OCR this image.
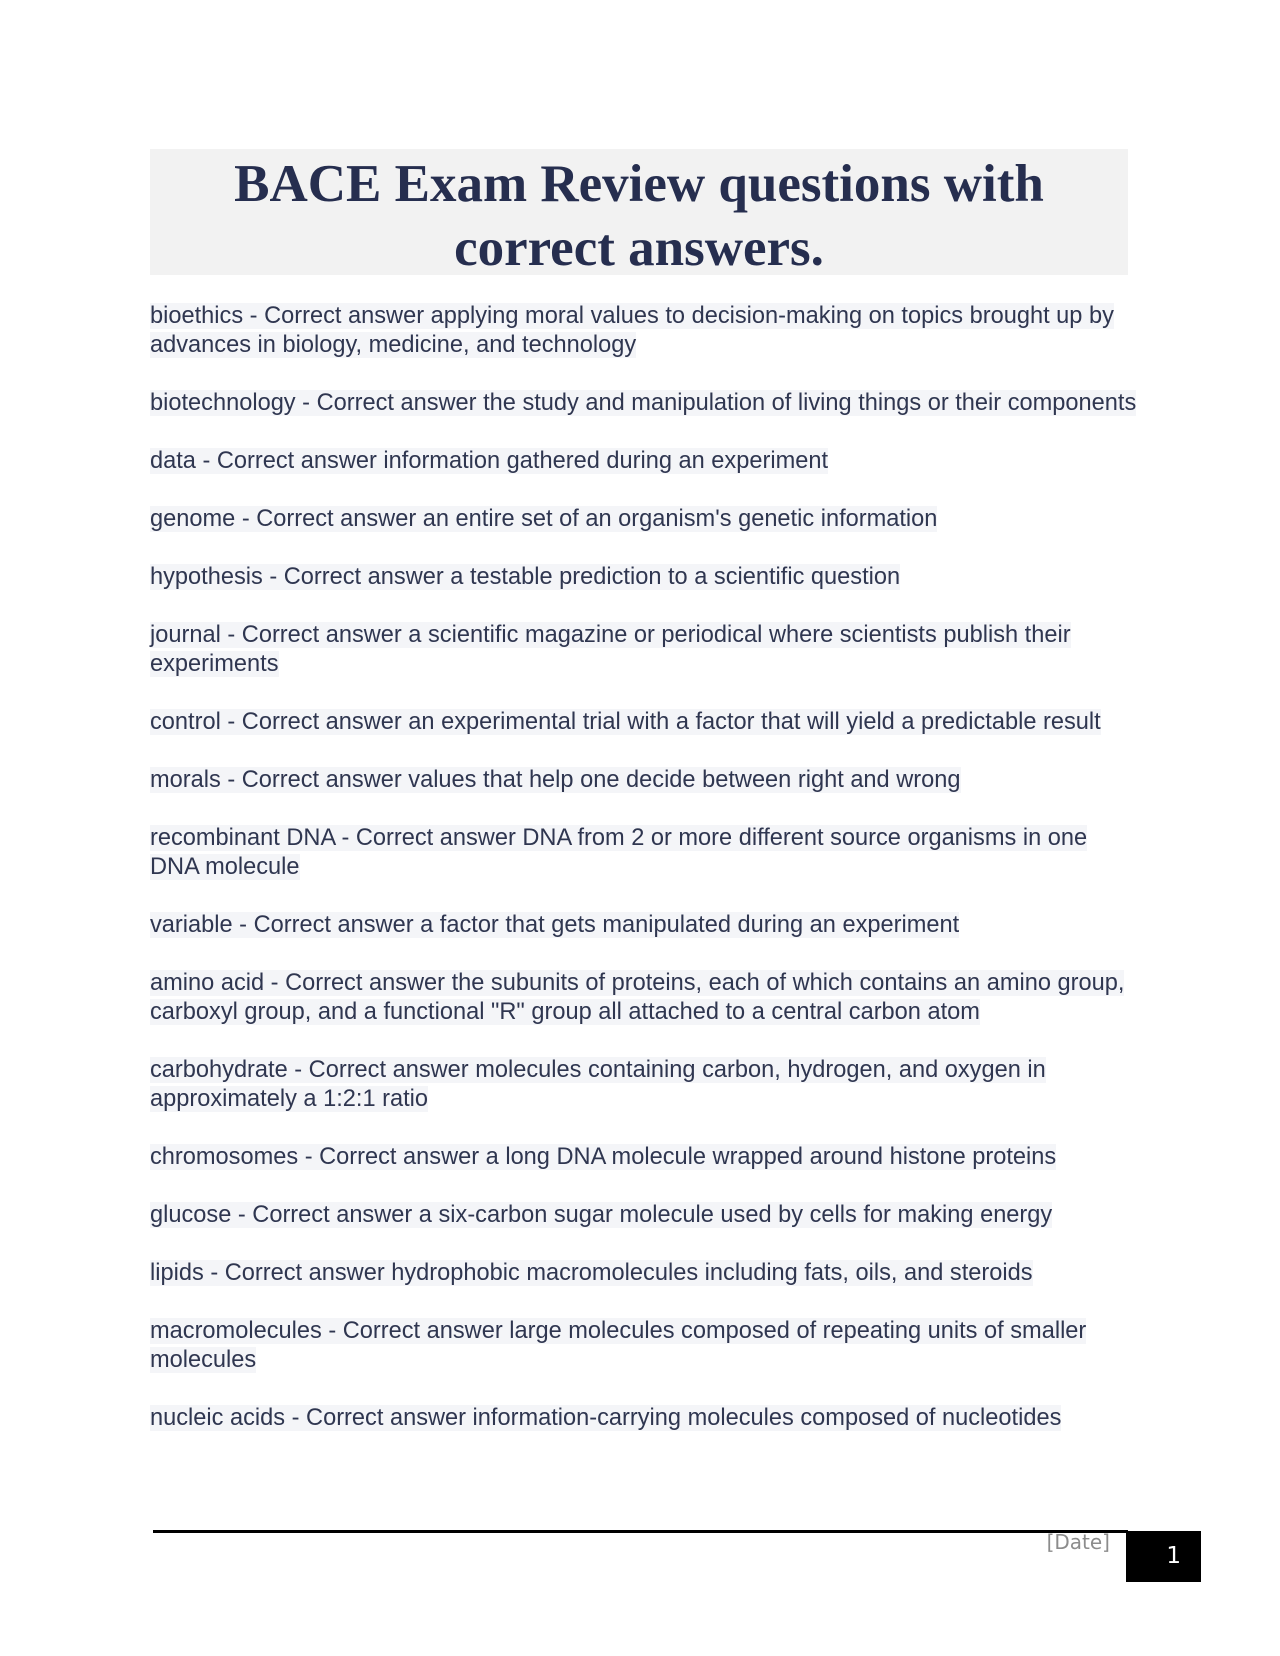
BACE Exam Review questions with correct answers.

bioethics - Correct answer applying moral values to decision-making on topics brought up by advances in biology, medicine, and technology

biotechnology - Correct answer the study and manipulation of living things or their components

data - Correct answer information gathered during an experiment

genome - Correct answer an entire set of an organism's genetic information

hypothesis - Correct answer a testable prediction to a scientific question

journal - Correct answer a scientific magazine or periodical where scientists publish their experiments

control - Correct answer an experimental trial with a factor that will yield a predictable result

morals - Correct answer values that help one decide between right and wrong

recombinant DNA - Correct answer DNA from 2 or more different source organisms in one DNA molecule

variable - Correct answer a factor that gets manipulated during an experiment

amino acid - Correct answer the subunits of proteins, each of which contains an amino group, carboxyl group, and a functional "R" group all attached to a central carbon atom

carbohydrate - Correct answer molecules containing carbon, hydrogen, and oxygen in approximately a 1:2:1 ratio

chromosomes - Correct answer a long DNA molecule wrapped around histone proteins

glucose - Correct answer a six-carbon sugar molecule used by cells for making energy

lipids - Correct answer hydrophobic macromolecules including fats, oils, and steroids

macromolecules - Correct answer large molecules composed of repeating units of smaller molecules

nucleic acids - Correct answer information-carrying molecules composed of nucleotides

[Date]
1
